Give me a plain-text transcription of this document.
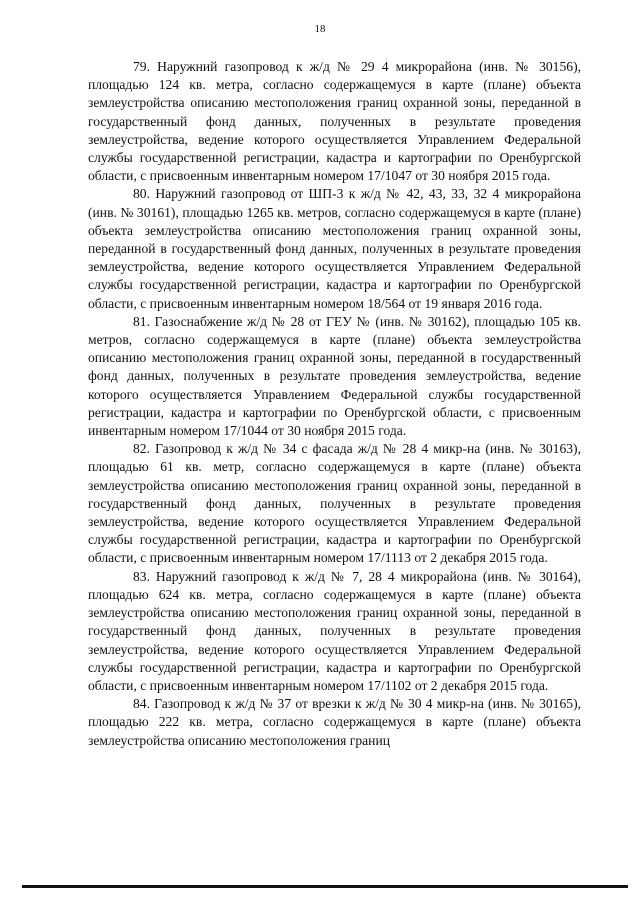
18

79. Наружний газопровод к ж/д № 29 4 микрорайона (инв. № 30156), площадью 124 кв. метра, согласно содержащемуся в карте (плане) объекта землеустройства описанию местоположения границ охранной зоны, переданной в государственный фонд данных, полученных в результате проведения землеустройства, ведение которого осуществляется Управлением Федеральной службы государственной регистрации, кадастра и картографии по Оренбургской области, с присвоенным инвентарным номером 17/1047 от 30 ноября 2015 года.

80. Наружний газопровод от ШП-3 к ж/д № 42, 43, 33, 32 4 микрорайона (инв. № 30161), площадью 1265 кв. метров, согласно содержащемуся в карте (плане) объекта землеустройства описанию местоположения границ охранной зоны, переданной в государственный фонд данных, полученных в результате проведения землеустройства, ведение которого осуществляется Управлением Федеральной службы государственной регистрации, кадастра и картографии по Оренбургской области, с присвоенным инвентарным номером 18/564 от 19 января 2016 года.

81. Газоснабжение ж/д № 28 от ГЕУ № (инв. № 30162), площадью 105 кв. метров, согласно содержащемуся в карте (плане) объекта землеустройства описанию местоположения границ охранной зоны, переданной в государственный фонд данных, полученных в результате проведения землеустройства, ведение которого осуществляется Управлением Федеральной службы государственной регистрации, кадастра и картографии по Оренбургской области, с присвоенным инвентарным номером 17/1044 от 30 ноября 2015 года.

82. Газопровод к ж/д № 34 с фасада ж/д № 28 4 микр-на (инв. № 30163), площадью 61 кв. метр, согласно содержащемуся в карте (плане) объекта землеустройства описанию местоположения границ охранной зоны, переданной в государственный фонд данных, полученных в результате проведения землеустройства, ведение которого осуществляется Управлением Федеральной службы государственной регистрации, кадастра и картографии по Оренбургской области, с присвоенным инвентарным номером 17/1113 от 2 декабря 2015 года.

83. Наружний газопровод к ж/д № 7, 28 4 микрорайона (инв. № 30164), площадью 624 кв. метра, согласно содержащемуся в карте (плане) объекта землеустройства описанию местоположения границ охранной зоны, переданной в государственный фонд данных, полученных в результате проведения землеустройства, ведение которого осуществляется Управлением Федеральной службы государственной регистрации, кадастра и картографии по Оренбургской области, с присвоенным инвентарным номером 17/1102 от 2 декабря 2015 года.

84. Газопровод к ж/д № 37 от врезки к ж/д № 30 4 микр-на (инв. № 30165), площадью 222 кв. метра, согласно содержащемуся в карте (плане) объекта землеустройства описанию местоположения границ
